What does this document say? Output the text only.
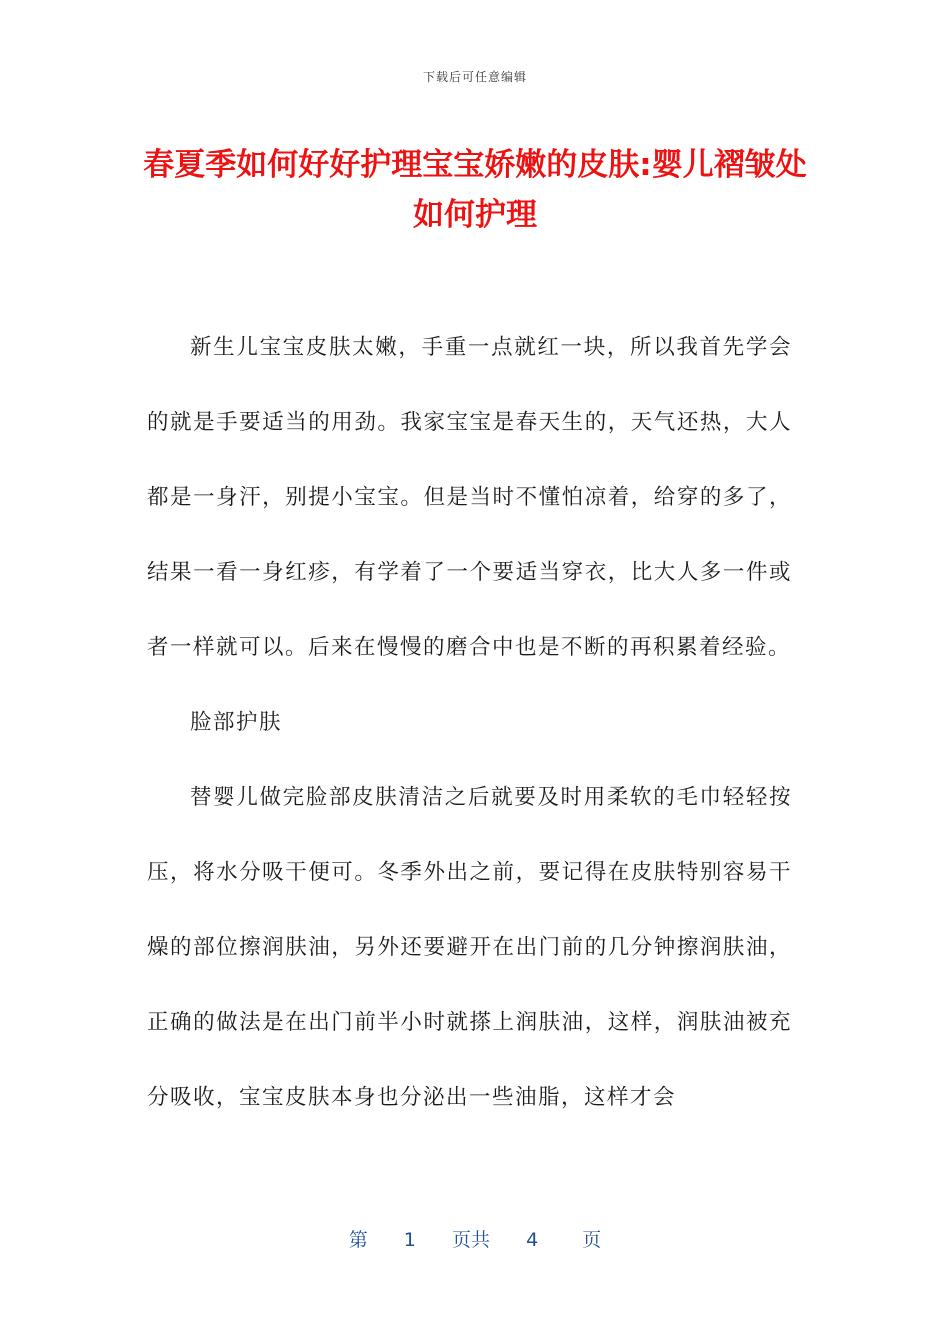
下载后可任意编辑
春夏季如何好好护理宝宝娇嫩的皮肤:婴儿褶皱处如何护理

新生儿宝宝皮肤太嫩，手重一点就红一块，所以我首先学会的就是手要适当的用劲。我家宝宝是春天生的，天气还热，大人都是一身汗，别提小宝宝。但是当时不懂怕凉着，给穿的多了，结果一看一身红疹，有学着了一个要适当穿衣，比大人多一件或者一样就可以。后来在慢慢的磨合中也是不断的再积累着经验。

脸部护肤

替婴儿做完脸部皮肤清洁之后就要及时用柔软的毛巾轻轻按压，将水分吸干便可。冬季外出之前，要记得在皮肤特别容易干燥的部位擦润肤油，另外还要避开在出门前的几分钟擦润肤油，正确的做法是在出门前半小时就搽上润肤油，这样，润肤油被充分吸收，宝宝皮肤本身也分泌出一些油脂，这样才会

第 1 页共 4 页
